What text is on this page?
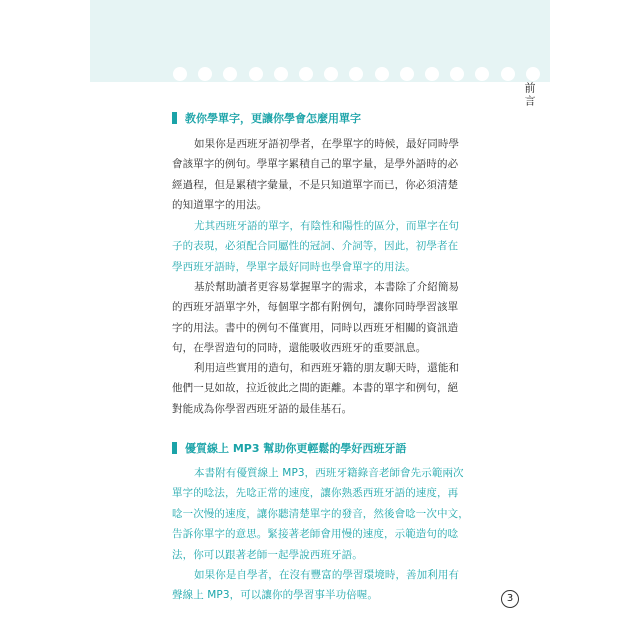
前言
教你學單字，更讓你學會怎麼用單字
如果你是西班牙語初學者，在學單字的時候，最好同時學
會該單字的例句。學單字累積自己的單字量，是學外語時的必
經過程，但是累積字彙量，不是只知道單字而已，你必須清楚
的知道單字的用法。
尤其西班牙語的單字，有陰性和陽性的區分，而單字在句
子的表現，必須配合同屬性的冠詞、介詞等，因此，初學者在
學西班牙語時，學單字最好同時也學會單字的用法。
基於幫助讀者更容易掌握單字的需求，本書除了介紹簡易
的西班牙語單字外，每個單字都有附例句，讓你同時學習該單
字的用法。書中的例句不僅實用，同時以西班牙相關的資訊造
句，在學習造句的同時，還能吸收西班牙的重要訊息。
利用這些實用的造句，和西班牙籍的朋友聊天時，還能和
他們一見如故，拉近彼此之間的距離。本書的單字和例句，絕
對能成為你學習西班牙語的最佳基石。
優質線上 MP3 幫助你更輕鬆的學好西班牙語
本書附有優質線上 MP3，西班牙籍錄音老師會先示範兩次
單字的唸法，先唸正常的速度，讓你熟悉西班牙語的速度，再
唸一次慢的速度，讓你聽清楚單字的發音，然後會唸一次中文，
告訴你單字的意思。緊接著老師會用慢的速度，示範造句的唸
法，你可以跟著老師一起學說西班牙語。
如果你是自學者，在沒有豐富的學習環境時，善加利用有
聲線上 MP3，可以讓你的學習事半功倍喔。	3
